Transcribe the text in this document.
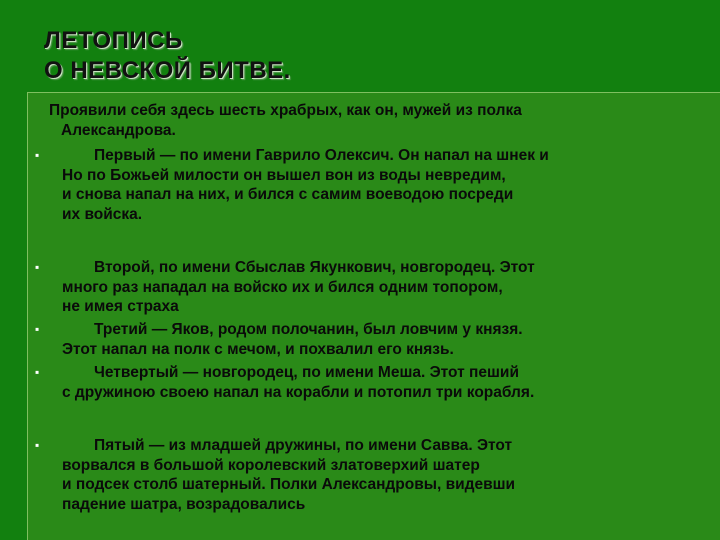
ЛЕТОПИСЬ
О НЕВСКОЙ БИТВЕ.
Проявили себя здесь шесть храбрых, как он, мужей из полка
Александрова.
▪	Первый — по имени Гаврило Олексич. Он напал на шнек и
Но по Божьей милости он вышел вон из воды невредим,
и снова напал на них, и бился с самим воеводою посреди
их войска.
▪	Второй, по имени Сбыслав Якункович, новгородец. Этот
много раз нападал на войско их и бился одним топором,
не имея страха
▪	Третий — Яков, родом полочанин, был ловчим у князя.
Этот напал на полк с мечом, и похвалил его князь.
▪	Четвертый — новгородец, по имени Меша. Этот пеший
с дружиною своею напал на корабли и потопил три корабля.
▪	Пятый — из младшей дружины, по имени Савва. Этот
ворвался в большой королевский златоверхий шатер
и подсек столб шатерный. Полки Александровы, видевши
падение шатра, возрадовались
